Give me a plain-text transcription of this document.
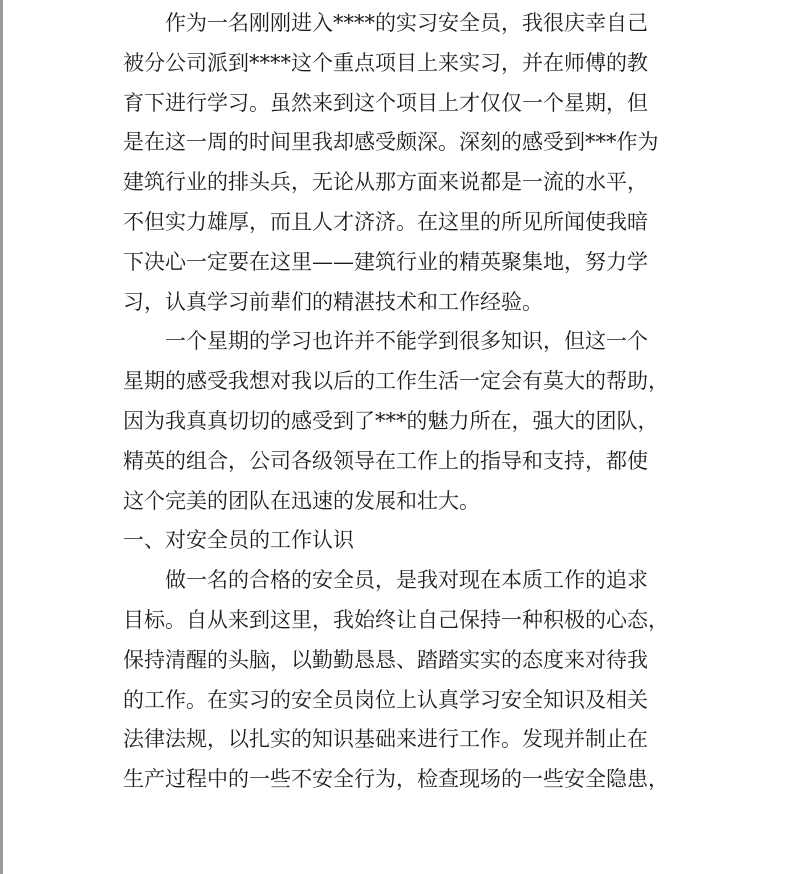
作为一名刚刚进入****的实习安全员，我很庆幸自己
被分公司派到****这个重点项目上来实习，并在师傅的教
育下进行学习。虽然来到这个项目上才仅仅一个星期，但
是在这一周的时间里我却感受颇深。深刻的感受到***作为
建筑行业的排头兵，无论从那方面来说都是一流的水平，
不但实力雄厚，而且人才济济。在这里的所见所闻使我暗
下决心一定要在这里——建筑行业的精英聚集地，努力学
习，认真学习前辈们的精湛技术和工作经验。
一个星期的学习也许并不能学到很多知识，但这一个
星期的感受我想对我以后的工作生活一定会有莫大的帮助，
因为我真真切切的感受到了***的魅力所在，强大的团队，
精英的组合，公司各级领导在工作上的指导和支持，都使
这个完美的团队在迅速的发展和壮大。
一、对安全员的工作认识
做一名的合格的安全员，是我对现在本质工作的追求
目标。自从来到这里，我始终让自己保持一种积极的心态，
保持清醒的头脑，以勤勤恳恳、踏踏实实的态度来对待我
的工作。在实习的安全员岗位上认真学习安全知识及相关
法律法规，以扎实的知识基础来进行工作。发现并制止在
生产过程中的一些不安全行为，检查现场的一些安全隐患，
